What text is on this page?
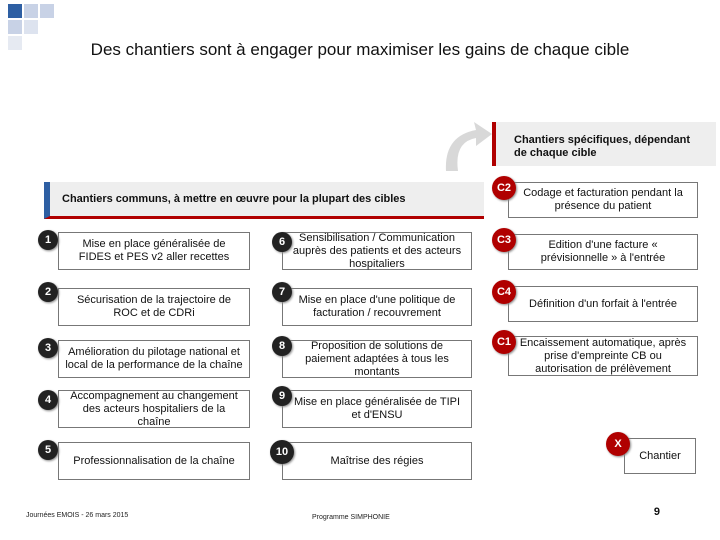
Des chantiers sont à engager pour maximiser les gains de chaque cible
Chantiers spécifiques, dépendant de chaque cible
Chantiers communs, à mettre en œuvre pour la plupart des cibles
Mise en place généralisée de FIDES et PES v2 aller recettes
1
Sécurisation de la trajectoire de ROC et de CDRi
2
Amélioration du pilotage national et local de la performance de la chaîne
3
Accompagnement au changement des acteurs hospitaliers de la chaîne
4
Professionnalisation de la chaîne
5
Sensibilisation / Communication auprès des patients et des acteurs hospitaliers
6
Mise en place d'une politique de facturation / recouvrement
7
Proposition de solutions de paiement adaptées à tous les montants
8
Mise en place généralisée de TIPI et d'ENSU
9
Maîtrise des régies
10
Codage et facturation pendant la présence du patient
C2
Edition d'une facture « prévisionnelle » à l'entrée
C3
Définition d'un forfait à l'entrée
C4
Encaissement automatique, après prise d'empreinte CB ou autorisation de prélèvement
C1
Chantier
X
Journées EMOIS - 26 mars 2015	Programme SIMPHONIE	9
